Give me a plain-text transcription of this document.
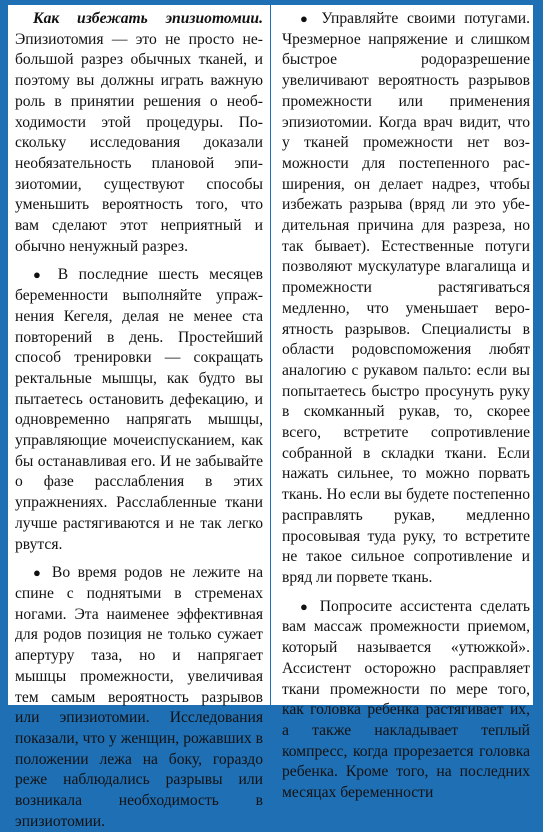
Как избежать эпизиотомии. Эпизиотомия — это не просто небольшой разрез обычных тканей, и поэтому вы должны играть важную роль в принятии решения о необходимости этой процедуры. Поскольку исследования доказали необязательность плановой эпизиотомии, существуют способы уменьшить вероятность того, что вам сделают этот неприятный и обычно ненужный разрез.

● В последние шесть месяцев беременности выполняйте упражнения Кегеля, делая не менее ста повторений в день. Простейший способ тренировки — сокращать ректальные мышцы, как будто вы пытаетесь остановить дефекацию, и одновременно напрягать мышцы, управляющие мочеиспусканием, как бы останавливая его. И не забывайте о фазе расслабления в этих упражнениях. Расслабленные ткани лучше растягиваются и не так легко рвутся.

● Во время родов не лежите на спине с поднятыми в стременах ногами. Эта наименее эффективная для родов позиция не только сужает апертуру таза, но и напрягает мышцы промежности, увеличивая тем самым вероятность разрывов или эпизиотомии. Исследования показали, что у женщин, рожавших в положении лежа на боку, гораздо реже наблюдались разрывы или возникала необходимость в эпизиотомии.

● Управляйте своими потугами. Чрезмерное напряжение и слишком быстрое родоразрешение увеличивают вероятность разрывов промежности или применения эпизиотомии. Когда врач видит, что у тканей промежности нет возможности для постепенного расширения, он делает надрез, чтобы избежать разрыва (вряд ли это убедительная причина для разреза, но так бывает). Естественные потуги позволяют мускулатуре влагалища и промежности растягиваться медленно, что уменьшает вероятность разрывов. Специалисты в области родовспоможения любят аналогию с рукавом пальто: если вы попытаетесь быстро просунуть руку в скомканный рукав, то, скорее всего, встретите сопротивление собранной в складки ткани. Если нажать сильнее, то можно порвать ткань. Но если вы будете постепенно расправлять рукав, медленно просовывая туда руку, то встретите не такое сильное сопротивление и вряд ли порвете ткань.

● Попросите ассистента сделать вам массаж промежности приемом, который называется «утюжкой». Ассистент осторожно расправляет ткани промежности по мере того, как головка ребенка растягивает их, а также накладывает теплый компресс, когда прорезается головка ребенка. Кроме того, на последних месяцах беременности
